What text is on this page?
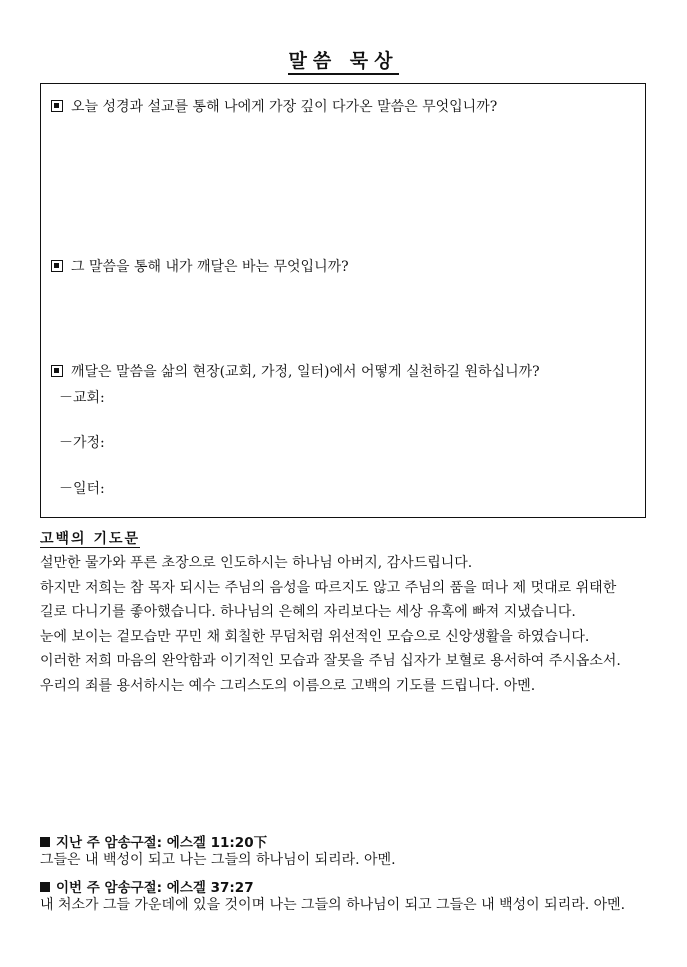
말씀 묵상
오늘 성경과 설교를 통해 나에게 가장 깊이 다가온 말씀은 무엇입니까?
그 말씀을 통해 내가 깨달은 바는 무엇입니까?
깨달은 말씀을 삶의 현장(교회, 가정, 일터)에서 어떻게 실천하길 원하십니까?
－교회:
－가정:
－일터:
고백의 기도문
설만한 물가와 푸른 초장으로 인도하시는 하나님 아버지, 감사드립니다.
하지만 저희는 참 목자 되시는 주님의 음성을 따르지도 않고 주님의 품을 떠나 제 멋대로 위태한
길로 다니기를 좋아했습니다. 하나님의 은혜의 자리보다는 세상 유혹에 빠져 지냈습니다.
눈에 보이는 겉모습만 꾸민 채 회칠한 무덤처럼 위선적인 모습으로 신앙생활을 하였습니다.
이러한 저희 마음의 완악함과 이기적인 모습과 잘못을 주님 십자가 보혈로 용서하여 주시옵소서.
우리의 죄를 용서하시는 예수 그리스도의 이름으로 고백의 기도를 드립니다. 아멘.
지난 주 암송구절: 에스겔 11:20下
그들은 내 백성이 되고 나는 그들의 하나님이 되리라. 아멘.
이번 주 암송구절: 에스겔 37:27
내 처소가 그들 가운데에 있을 것이며 나는 그들의 하나님이 되고 그들은 내 백성이 되리라. 아멘.
